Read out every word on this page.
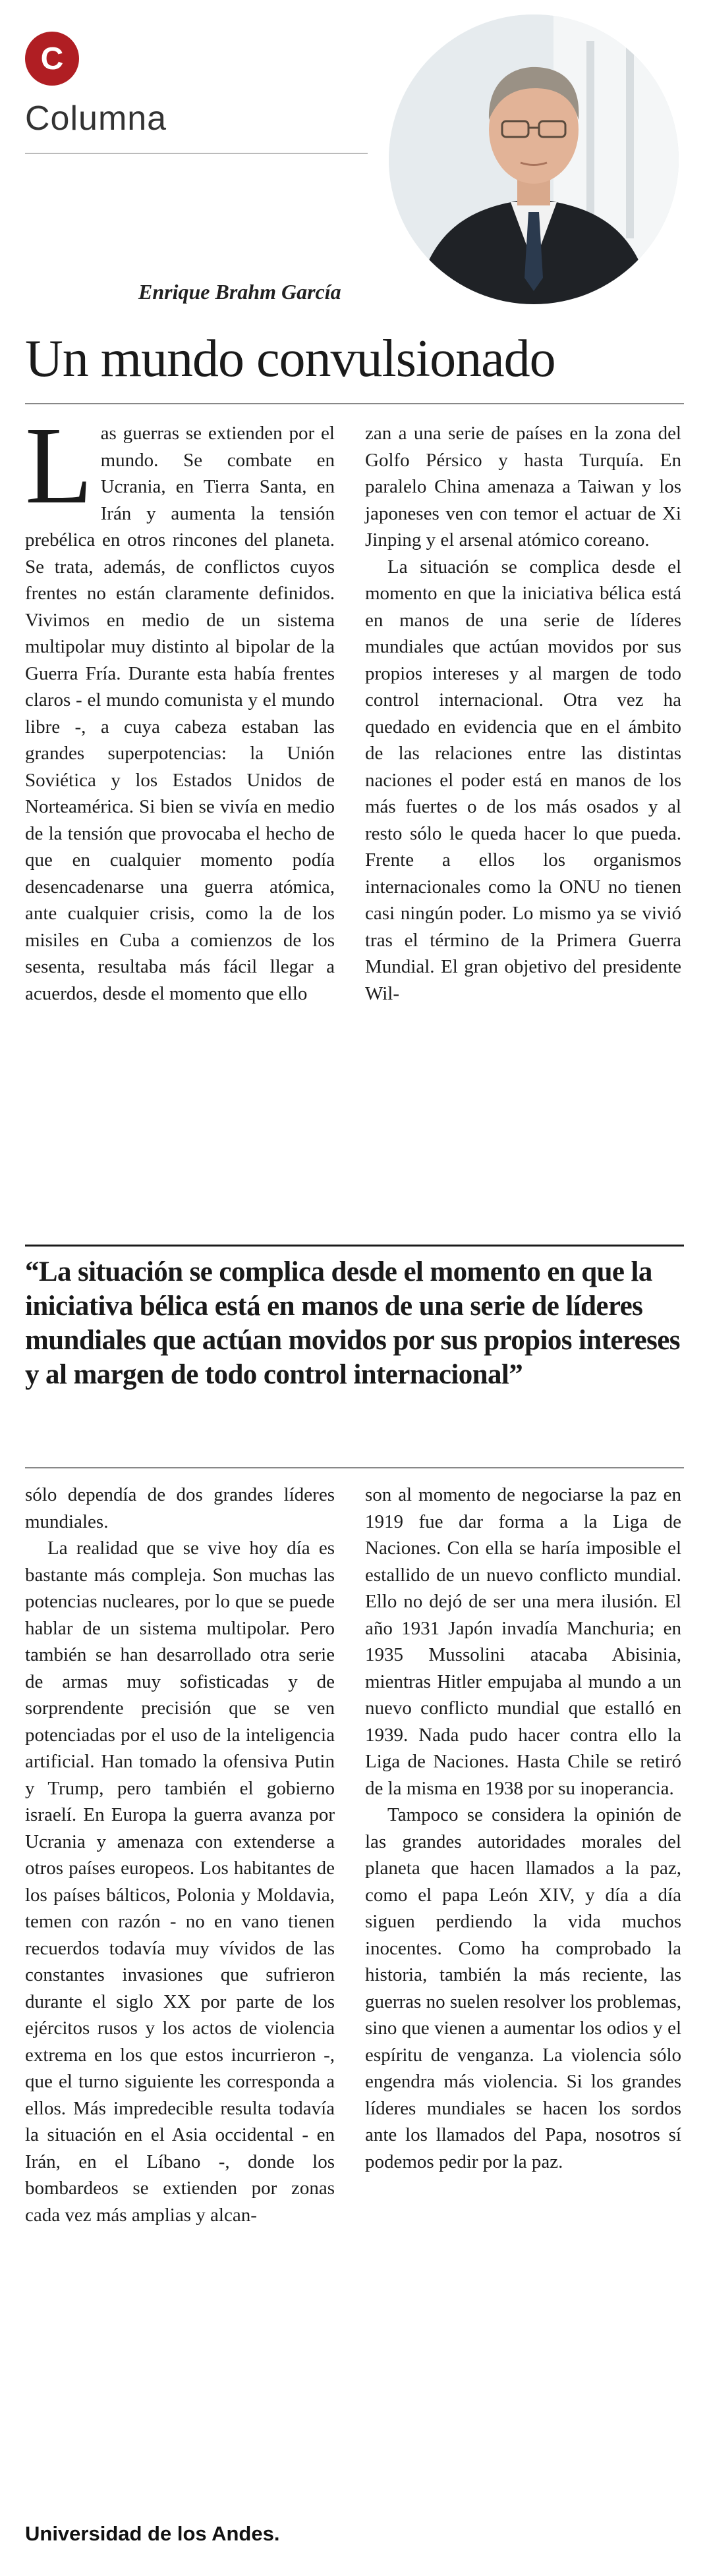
C
Columna
Enrique Brahm García
Un mundo convulsionado

Las guerras se extienden por el mundo. Se combate en Ucrania, en Tierra Santa, en Irán y aumenta la tensión prebélica en otros rincones del planeta. Se trata, además, de conflictos cuyos frentes no están claramente definidos. Vivimos en medio de un sistema multipolar muy distinto al bipolar de la Guerra Fría. Durante esta había frentes claros - el mundo comunista y el mundo libre -, a cuya cabeza estaban las grandes superpotencias: la Unión Soviética y los Estados Unidos de Norteamérica. Si bien se vivía en medio de la tensión que provocaba el hecho de que en cualquier momento podía desencadenarse una guerra atómica, ante cualquier crisis, como la de los misiles en Cuba a comienzos de los sesenta, resultaba más fácil llegar a acuerdos, desde el momento que ello

zan a una serie de países en la zona del Golfo Pérsico y hasta Turquía. En paralelo China amenaza a Taiwan y los japoneses ven con temor el actuar de Xi Jinping y el arsenal atómico coreano.

La situación se complica desde el momento en que la iniciativa bélica está en manos de una serie de líderes mundiales que actúan movidos por sus propios intereses y al margen de todo control internacional. Otra vez ha quedado en evidencia que en el ámbito de las relaciones entre las distintas naciones el poder está en manos de los más fuertes o de los más osados y al resto sólo le queda hacer lo que pueda. Frente a ellos los organismos internacionales como la ONU no tienen casi ningún poder. Lo mismo ya se vivió tras el término de la Primera Guerra Mundial. El gran objetivo del presidente Wil-

“La situación se complica desde el momento en que la iniciativa bélica está en manos de una serie de líderes mundiales que actúan movidos por sus propios intereses y al margen de todo control internacional”

sólo dependía de dos grandes líderes mundiales.

La realidad que se vive hoy día es bastante más compleja. Son muchas las potencias nucleares, por lo que se puede hablar de un sistema multipolar. Pero también se han desarrollado otra serie de armas muy sofisticadas y de sorprendente precisión que se ven potenciadas por el uso de la inteligencia artificial. Han tomado la ofensiva Putin y Trump, pero también el gobierno israelí. En Europa la guerra avanza por Ucrania y amenaza con extenderse a otros países europeos. Los habitantes de los países bálticos, Polonia y Moldavia, temen con razón - no en vano tienen recuerdos todavía muy vívidos de las constantes invasiones que sufrieron durante el siglo XX por parte de los ejércitos rusos y los actos de violencia extrema en los que estos incurrieron -, que el turno siguiente les corresponda a ellos. Más impredecible resulta todavía la situación en el Asia occidental - en Irán, en el Líbano -, donde los bombardeos se extienden por zonas cada vez más amplias y alcan-

son al momento de negociarse la paz en 1919 fue dar forma a la Liga de Naciones. Con ella se haría imposible el estallido de un nuevo conflicto mundial. Ello no dejó de ser una mera ilusión. El año 1931 Japón invadía Manchuria; en 1935 Mussolini atacaba Abisinia, mientras Hitler empujaba al mundo a un nuevo conflicto mundial que estalló en 1939. Nada pudo hacer contra ello la Liga de Naciones. Hasta Chile se retiró de la misma en 1938 por su inoperancia.

Tampoco se considera la opinión de las grandes autoridades morales del planeta que hacen llamados a la paz, como el papa León XIV, y día a día siguen perdiendo la vida muchos inocentes. Como ha comprobado la historia, también la más reciente, las guerras no suelen resolver los problemas, sino que vienen a aumentar los odios y el espíritu de venganza. La violencia sólo engendra más violencia. Si los grandes líderes mundiales se hacen los sordos ante los llamados del Papa, nosotros sí podemos pedir por la paz.

Universidad de los Andes.
